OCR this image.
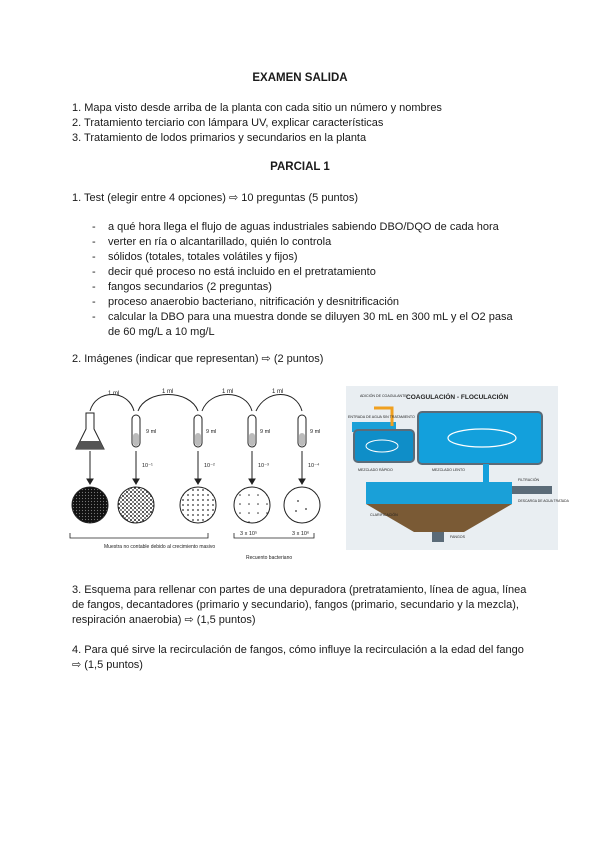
EXAMEN SALIDA
1. Mapa visto desde arriba de la planta con cada sitio un número y nombres
2. Tratamiento terciario con lámpara UV, explicar características
3. Tratamiento de lodos primarios y secundarios en la planta
PARCIAL 1
1. Test (elegir entre 4 opciones) ⇨ 10 preguntas (5 puntos)
- a qué hora llega el flujo de aguas industriales sabiendo DBO/DQO de cada hora
- verter en ría o alcantarillado, quién lo controla
- sólidos (totales, totales volátiles y fijos)
- decir qué proceso no está incluido en el pretratamiento
- fangos secundarios (2 preguntas)
- proceso anaerobio bacteriano, nitrificación y desnitrificación
- calcular la DBO para una muestra donde se diluyen 30 mL en 300 mL y el O2 pasa
de 60 mg/L a 10 mg/L
2. Imágenes (indicar que representan) ⇨ (2 puntos)
1 ml	1 ml	1 ml	1 ml
9 ml	9 ml	9 ml	9 ml
10⁻¹	10⁻²	10⁻³	10⁻⁴
3 x 10⁵	3 x 10⁶
Muestra no contable debido al crecimiento masivo
Recuento bacteriano
COAGULACIÓN - FLOCULACIÓN
ADICIÓN DE COAGULANTE
ENTRADA DE AGUA SIN TRATAMIENTO
MEZCLADO RÁPIDO	MEZCLADO LENTO
CLARIFICACIÓN
FANGOS
FILTRACIÓN
DESCARGA DE AGUA TRATADA
3. Esquema para rellenar con partes de una depuradora (pretratamiento, línea de agua, línea de fangos, decantadores (primario y secundario), fangos (primario, secundario y la mezcla), respiración anaerobia) ⇨ (1,5 puntos)
4. Para qué sirve la recirculación de fangos, cómo influye la recirculación a la edad del fango ⇨ (1,5 puntos)
